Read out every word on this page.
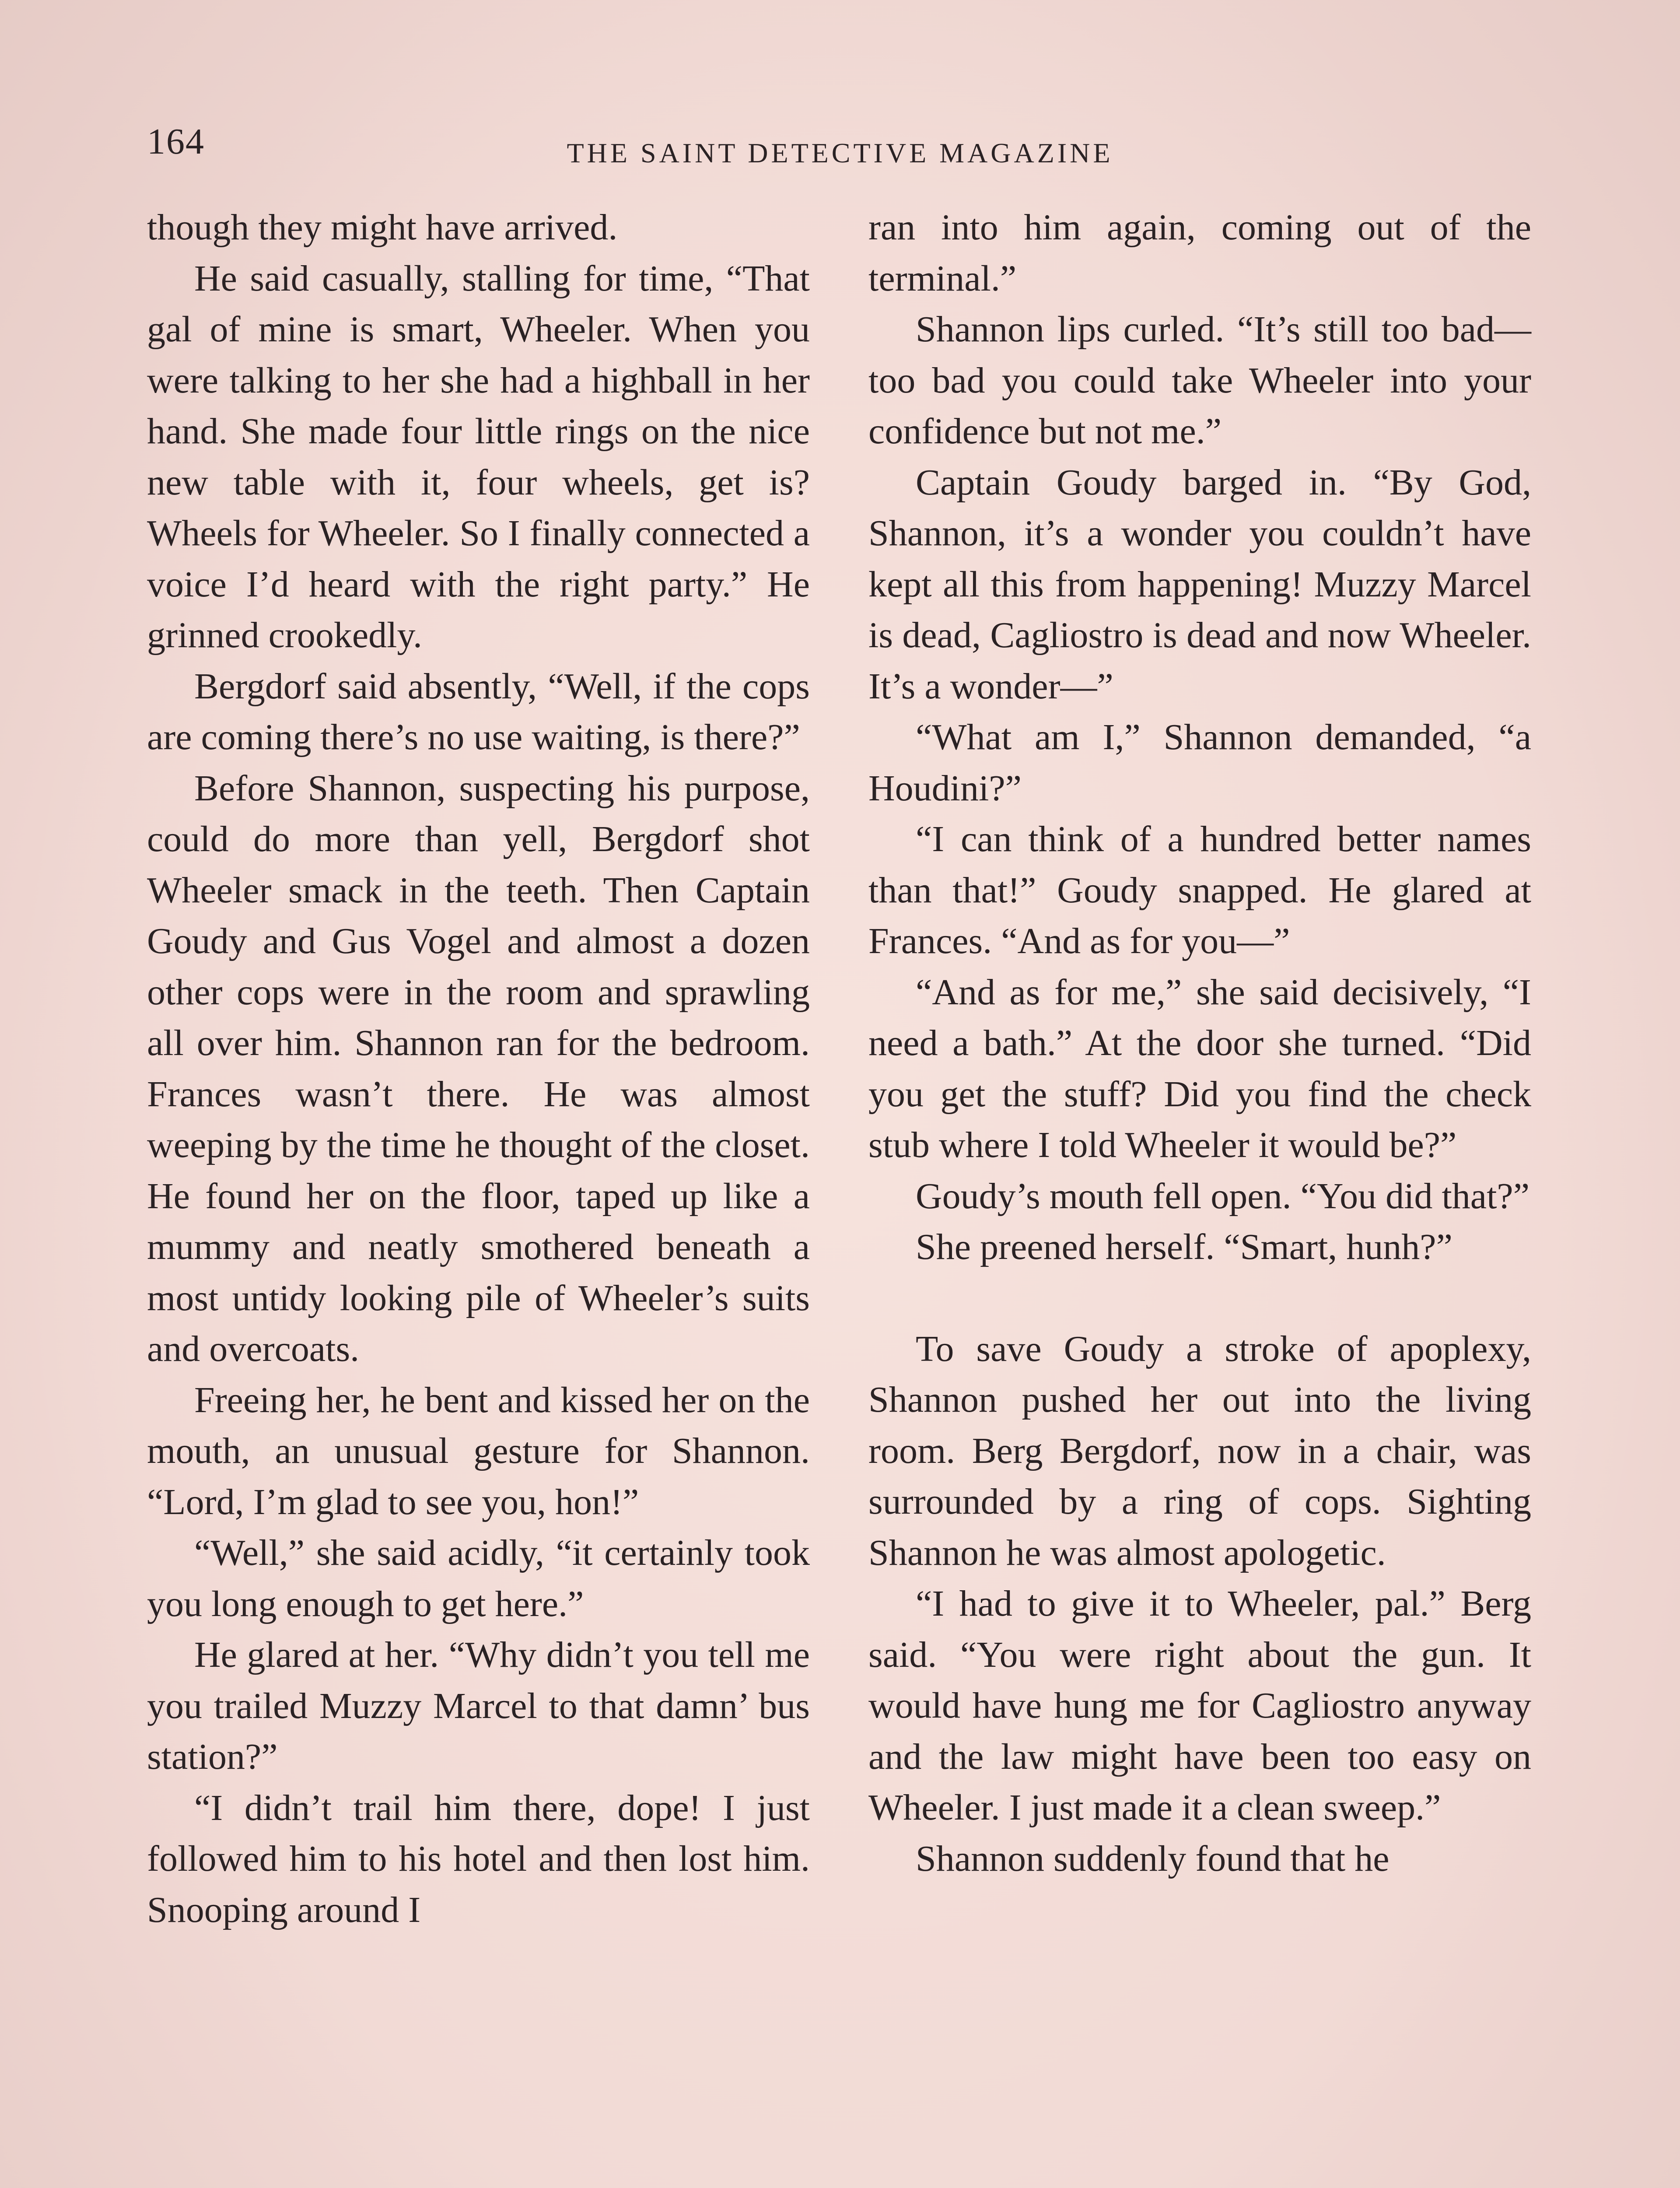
164	THE SAINT DETECTIVE MAGAZINE

though they might have arrived.

He said casually, stalling for time, “That gal of mine is smart, Wheeler. When you were talking to her she had a highball in her hand. She made four little rings on the nice new table with it, four wheels, get is? Wheels for Wheeler. So I finally connected a voice I’d heard with the right party.” He grinned crookedly.

Bergdorf said absently, “Well, if the cops are coming there’s no use waiting, is there?”

Before Shannon, suspecting his purpose, could do more than yell, Bergdorf shot Wheeler smack in the teeth. Then Captain Goudy and Gus Vogel and almost a dozen other cops were in the room and sprawling all over him. Shannon ran for the bedroom. Frances wasn’t there. He was almost weeping by the time he thought of the closet. He found her on the floor, taped up like a mummy and neatly smothered beneath a most untidy looking pile of Wheeler’s suits and overcoats.

Freeing her, he bent and kissed her on the mouth, an unusual gesture for Shannon. “Lord, I’m glad to see you, hon!”

“Well,” she said acidly, “it certainly took you long enough to get here.”

He glared at her. “Why didn’t you tell me you trailed Muzzy Marcel to that damn’ bus station?”

“I didn’t trail him there, dope! I just followed him to his hotel and then lost him. Snooping around I

ran into him again, coming out of the terminal.”

Shannon lips curled. “It’s still too bad—too bad you could take Wheeler into your confidence but not me.”

Captain Goudy barged in. “By God, Shannon, it’s a wonder you couldn’t have kept all this from happening! Muzzy Marcel is dead, Cagliostro is dead and now Wheeler. It’s a wonder—”

“What am I,” Shannon demanded, “a Houdini?”

“I can think of a hundred better names than that!” Goudy snapped. He glared at Frances. “And as for you—”

“And as for me,” she said decisively, “I need a bath.” At the door she turned. “Did you get the stuff? Did you find the check stub where I told Wheeler it would be?”

Goudy’s mouth fell open. “You did that?”

She preened herself. “Smart, hunh?”

To save Goudy a stroke of apoplexy, Shannon pushed her out into the living room. Berg Bergdorf, now in a chair, was surrounded by a ring of cops. Sighting Shannon he was almost apologetic.

“I had to give it to Wheeler, pal.” Berg said. “You were right about the gun. It would have hung me for Cagliostro anyway and the law might have been too easy on Wheeler. I just made it a clean sweep.”

Shannon suddenly found that he
